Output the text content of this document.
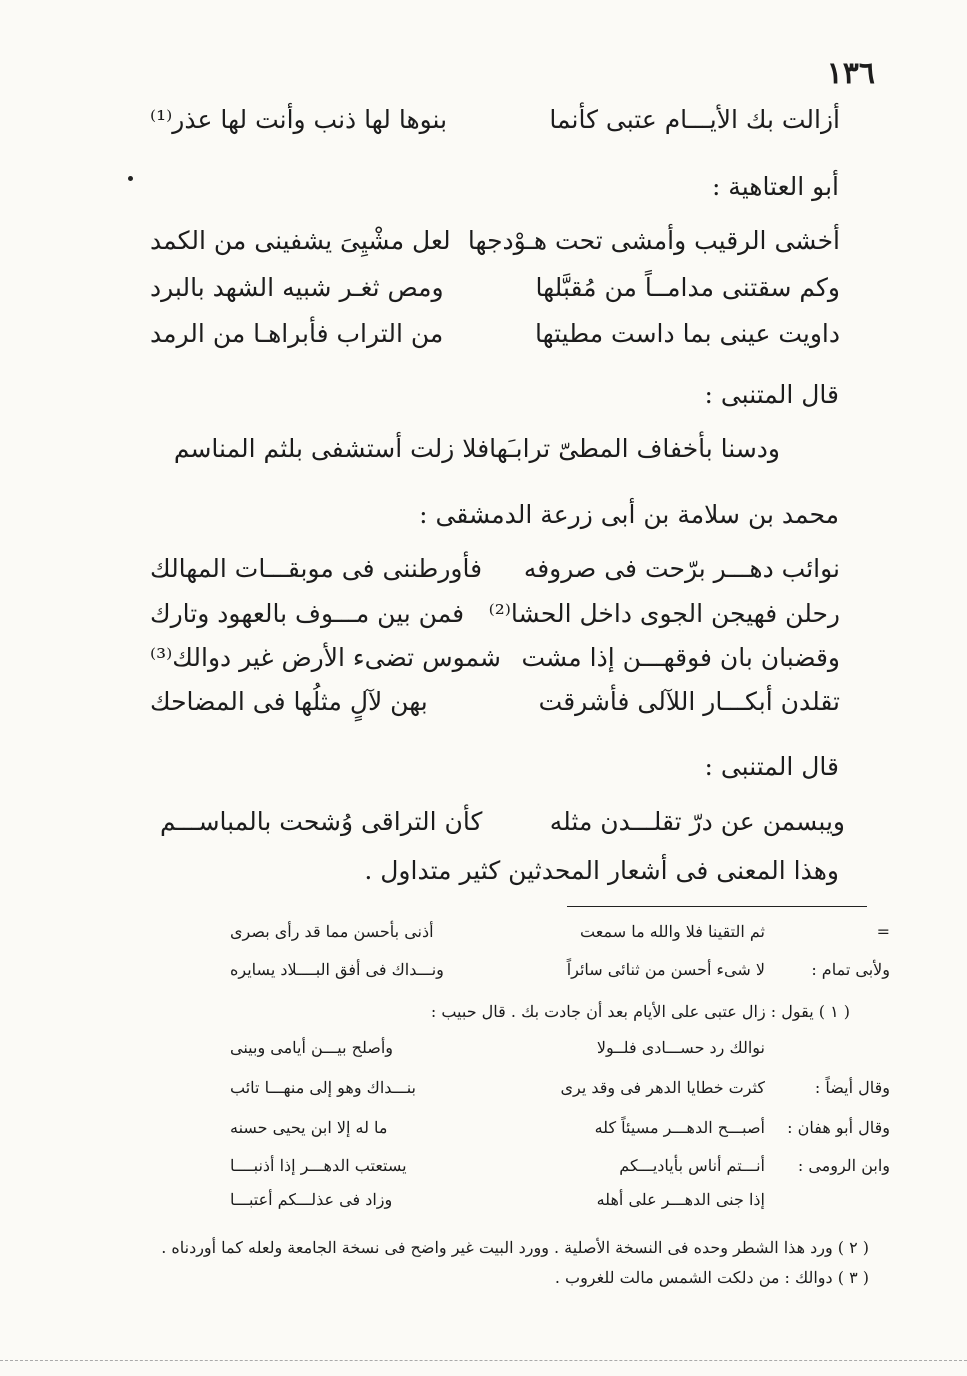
١٣٦
أزالت بك الأيـــام عتبى كأنما
بنوها لها ذنب وأنت لها عذر⁽¹⁾
أبو العتاهية :
أخشى الرقيب وأمشى تحت هـوْدجها
لعل مشْيِىَ يشفينى من الكمد
وكم سقتنى مدامــاً من مُقبَّلها
ومص ثغـر شبيه الشهد بالبرد
داويت عينى بما داست مطيتها
من التراب فأبراهـا من الرمد
قال المتنبى :
ودسنا بأخفاف المطىّ ترابـَها
فلا زلت أستشفى بلثم المناسم
محمد بن سلامة بن أبى زرعة الدمشقى :
نوائب دهـــر برّحت فى صروفه
فأورطننى فى موبقـــات المهالك
رحلن فهيجن الجوى داخل الحشا⁽²⁾
فمن بين مـــوف بالعهود وتارك
وقضبان بان فوقهـــن إذا مشت
شموس تضىء الأرض غير دوالك⁽³⁾
تقلدن أبكـــار اللآلى فأشرقت
بهن لآلٍ مثلُها فى المضاحك
قال المتنبى :
ويبسمن عن درّ تقلـــدن مثله
كأن التراقى وُشحت بالمباســـم
وهذا المعنى فى أشعار المحدثين كثير متداول .
=
ثم التقينا فلا والله ما سمعت
أذنى بأحسن مما قد رأى بصرى
ولأبى تمام :
لا شىء أحسن من ثنائى سائراً
ونـــداك فى أفق البــــلاد يسايره
( ١ ) يقول : زال عتبى على الأيام بعد أن جادت بك . قال حبيب :
نوالك رد حســـادى فلــولا
وأصلح بيـــن أيامى وبينى
وقال أيضاً :
كثرت خطايا الدهر فى وقد يرى
بنـــداك وهو إلى منهـــا تائب
وقال أبو هفان :
أصبـــح الدهـــر مسيئاً كله
ما له إلا ابن يحيى حسنه
وابن الرومى :
أنـــتم أناس بأياديـــكم
يستعتب الدهـــر إذا أذنبــــا
إذا جنى الدهـــر على أهله
وزاد فى عذلـــكم أعتبـــا
( ٢ ) ورد هذا الشطر وحده فى النسخة الأصلية . وورد البيت غير واضح فى نسخة الجامعة ولعله كما أوردناه .
( ٣ ) دوالك : من دلكت الشمس مالت للغروب .
